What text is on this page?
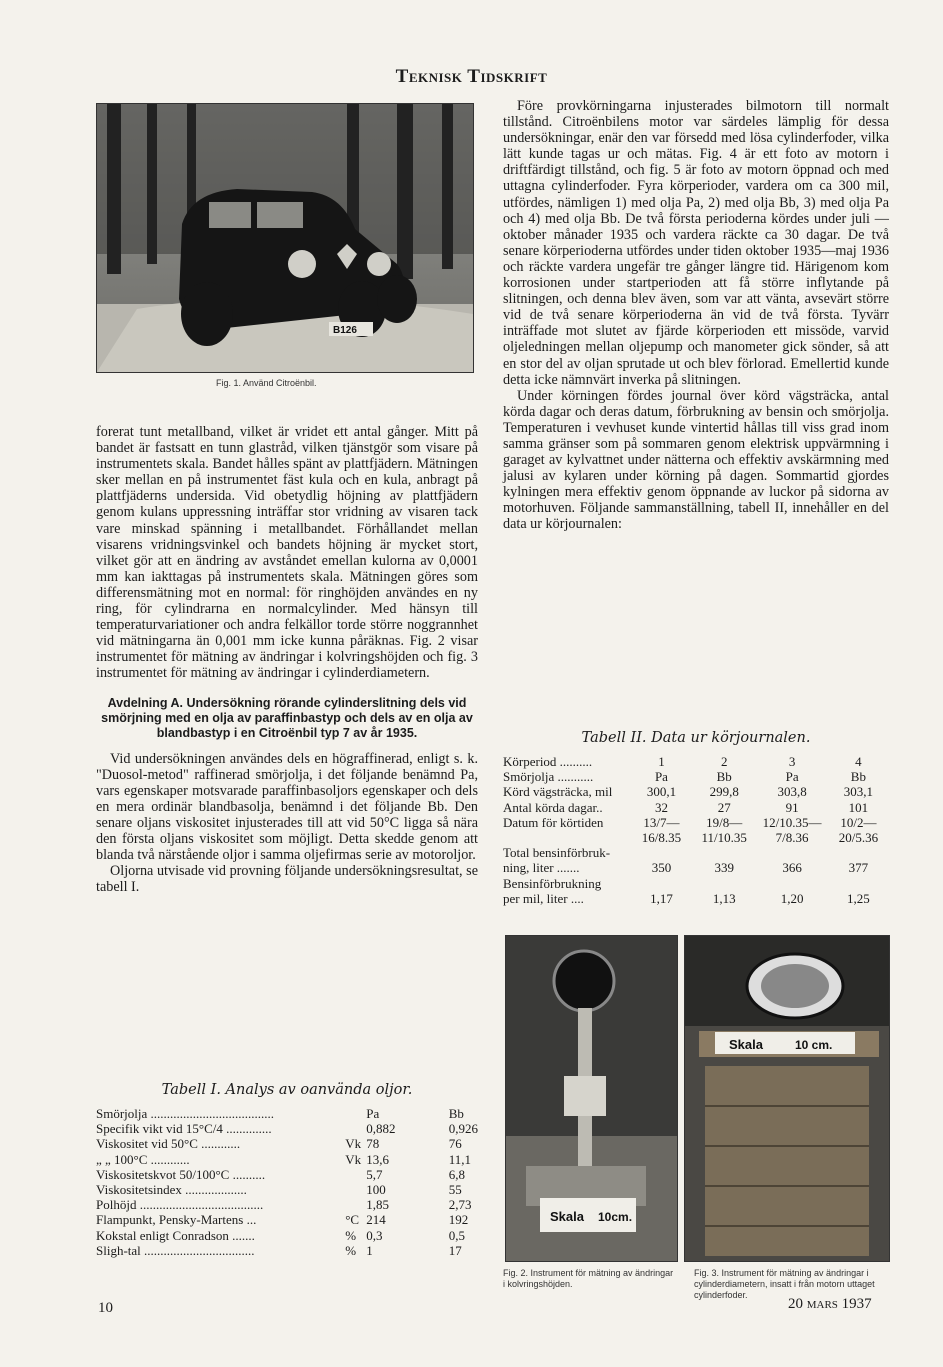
Teknisk Tidskrift
B126
Fig. 1. Använd Citroënbil.

forerat tunt metallband, vilket är vridet ett antal gånger. Mitt på bandet är fastsatt en tunn glastråd, vilken tjänstgör som visare på instrumentets skala. Bandet hålles spänt av plattfjädern. Mätningen sker mellan en på instrumentet fäst kula och en kula, anbragt på plattfjäderns undersida. Vid obetydlig höjning av plattfjädern genom kulans uppressning inträffar stor vridning av visaren tack vare minskad spänning i metallbandet. Förhållandet mellan visarens vridningsvinkel och bandets höjning är mycket stort, vilket gör att en ändring av avståndet emellan kulorna av 0,0001 mm kan iakttagas på instrumentets skala. Mätningen göres som differensmätning mot en normal: för ringhöjden användes en ny ring, för cylindrarna en normalcylinder. Med hänsyn till temperaturvariationer och andra felkällor torde större noggrannhet vid mätningarna än 0,001 mm icke kunna påräknas. Fig. 2 visar instrumentet för mätning av ändringar i kolvringshöjden och fig. 3 instrumentet för mätning av ändringar i cylinderdiametern.

Avdelning A. Undersökning rörande cylinderslitning dels vid smörjning med en olja av paraffinbastyp och dels av en olja av blandbastyp i en Citroënbil typ 7 av år 1935.

Vid undersökningen användes dels en högraffinerad, enligt s. k. "Duosol-metod" raffinerad smörjolja, i det följande benämnd Pa, vars egenskaper motsvarade paraffinbasoljors egenskaper och dels en mera ordinär blandbasolja, benämnd i det följande Bb. Den senare oljans viskositet injusterades till att vid 50°C ligga så nära den första oljans viskositet som möjligt. Detta skedde genom att blanda två närstående oljor i samma oljefirmas serie av motoroljor.

Oljorna utvisade vid provning följande undersökningsresultat, se tabell I.

Tabell I. Analys av oanvända oljor.
Smörjolja ......................................		Pa	Bb
Specifik vikt vid 15°C/4 ..............		0,882	0,926
Viskositet vid 50°C ............	Vk	78	76
„ „ 100°C ............	Vk	13,6	11,1
Viskositetskvot 50/100°C ..........		5,7	6,8
Viskositetsindex ...................		100	55
Polhöjd ......................................		1,85	2,73
Flampunkt, Pensky-Martens ...	°C	214	192
Kokstal enligt Conradson .......	%	0,3	0,5
Sligh-tal ..................................	%	1	17

Före provkörningarna injusterades bilmotorn till normalt tillstånd. Citroënbilens motor var särdeles lämplig för dessa undersökningar, enär den var försedd med lösa cylinderfoder, vilka lätt kunde tagas ur och mätas. Fig. 4 är ett foto av motorn i driftfärdigt tillstånd, och fig. 5 är foto av motorn öppnad och med uttagna cylinderfoder. Fyra körperioder, vardera om ca 300 mil, utfördes, nämligen 1) med olja Pa, 2) med olja Bb, 3) med olja Pa och 4) med olja Bb. De två första perioderna kördes under juli —oktober månader 1935 och vardera räckte ca 30 dagar. De två senare körperioderna utfördes under tiden oktober 1935—maj 1936 och räckte vardera ungefär tre gånger längre tid. Härigenom kom korrosionen under startperioden att få större inflytande på slitningen, och denna blev även, som var att vänta, avsevärt större vid de två senare körperioderna än vid de två första. Tyvärr inträffade mot slutet av fjärde körperioden ett missöde, varvid oljeledningen mellan oljepump och manometer gick sönder, så att en stor del av oljan sprutade ut och blev förlorad. Emellertid kunde detta icke nämnvärt inverka på slitningen.

Under körningen fördes journal över körd vägsträcka, antal körda dagar och deras datum, förbrukning av bensin och smörjolja. Temperaturen i vevhuset kunde vintertid hållas till viss grad inom samma gränser som på sommaren genom elektrisk uppvärmning i garaget av kylvattnet under nätterna och effektiv avskärmning med jalusi av kylaren under körning på dagen. Sommartid gjordes kylningen mera effektiv genom öppnande av luckor på sidorna av motorhuven. Följande sammanställning, tabell II, innehåller en del data ur körjournalen:

Tabell II. Data ur körjournalen.
Körperiod ..........	1	2	3	4
Smörjolja ...........	Pa	Bb	Pa	Bb
Körd vägsträcka, mil	300,1	299,8	303,8	303,1
Antal körda dagar..	32	27	91	101
Datum för körtiden	13/7—	19/8—	12/10.35—	10/2—
	16/8.35	11/10.35	7/8.36	20/5.36
Total bensinförbruk-				
ning, liter .......	350	339	366	377
Bensinförbrukning				
per mil, liter ....	1,17	1,13	1,20	1,25
Skala 10cm.
Fig. 2. Instrument för mätning av ändringar i kolvringshöjden.
Skala	10 cm.
Fig. 3. Instrument för mätning av ändringar i cylinderdiametern, insatt i från motorn uttaget cylinderfoder.
10	20 mars 1937
